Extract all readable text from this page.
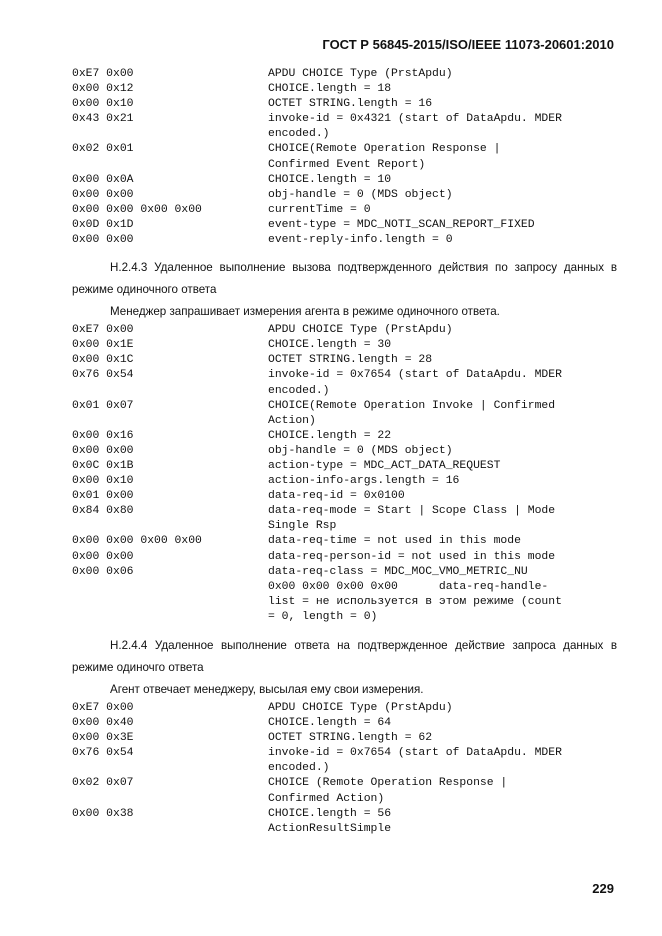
ГОСТ Р 56845-2015/ISO/IEEE 11073-20601:2010
0xE7 0x00	APDU CHOICE Type (PrstApdu)
0x00 0x12	CHOICE.length = 18
0x00 0x10	OCTET STRING.length = 16
0x43 0x21	invoke-id = 0x4321 (start of DataApdu. MDER
encoded.)
0x02 0x01	CHOICE(Remote Operation Response |
Confirmed Event Report)
0x00 0x0A	CHOICE.length = 10
0x00 0x00	obj-handle = 0 (MDS object)
0x00 0x00 0x00 0x00	currentTime = 0
0x0D 0x1D	event-type = MDC_NOTI_SCAN_REPORT_FIXED
0x00 0x00	event-reply-info.length = 0
Н.2.4.3 Удаленное выполнение вызова подтвержденного действия по запросу данных в режиме одиночного ответа
Менеджер запрашивает измерения агента в режиме одиночного ответа.
0xE7 0x00	APDU CHOICE Type (PrstApdu)
0x00 0x1E	CHOICE.length = 30
0x00 0x1C	OCTET STRING.length = 28
0x76 0x54	invoke-id = 0x7654 (start of DataApdu. MDER
encoded.)
0x01 0x07	CHOICE(Remote Operation Invoke | Confirmed
Action)
0x00 0x16	CHOICE.length = 22
0x00 0x00	obj-handle = 0 (MDS object)
0x0C 0x1B	action-type = MDC_ACT_DATA_REQUEST
0x00 0x10	action-info-args.length = 16
0x01 0x00	data-req-id = 0x0100
0x84 0x80	data-req-mode = Start | Scope Class | Mode
Single Rsp
0x00 0x00 0x00 0x00	data-req-time = not used in this mode
0x00 0x00	data-req-person-id = not used in this mode
0x00 0x06	data-req-class = MDC_MOC_VMO_METRIC_NU
0x00 0x00 0x00 0x00      data-req-handle-
list = не используется в этом режиме (count
= 0, length = 0)
Н.2.4.4 Удаленное выполнение ответа на подтвержденное действие запроса данных в режиме одиночго ответа
Агент отвечает менеджеру, высылая ему свои измерения.
0xE7 0x00	APDU CHOICE Type (PrstApdu)
0x00 0x40	CHOICE.length = 64
0x00 0x3E	OCTET STRING.length = 62
0x76 0x54	invoke-id = 0x7654 (start of DataApdu. MDER
encoded.)
0x02 0x07	CHOICE (Remote Operation Response |
Confirmed Action)
0x00 0x38	CHOICE.length = 56
ActionResultSimple
229
